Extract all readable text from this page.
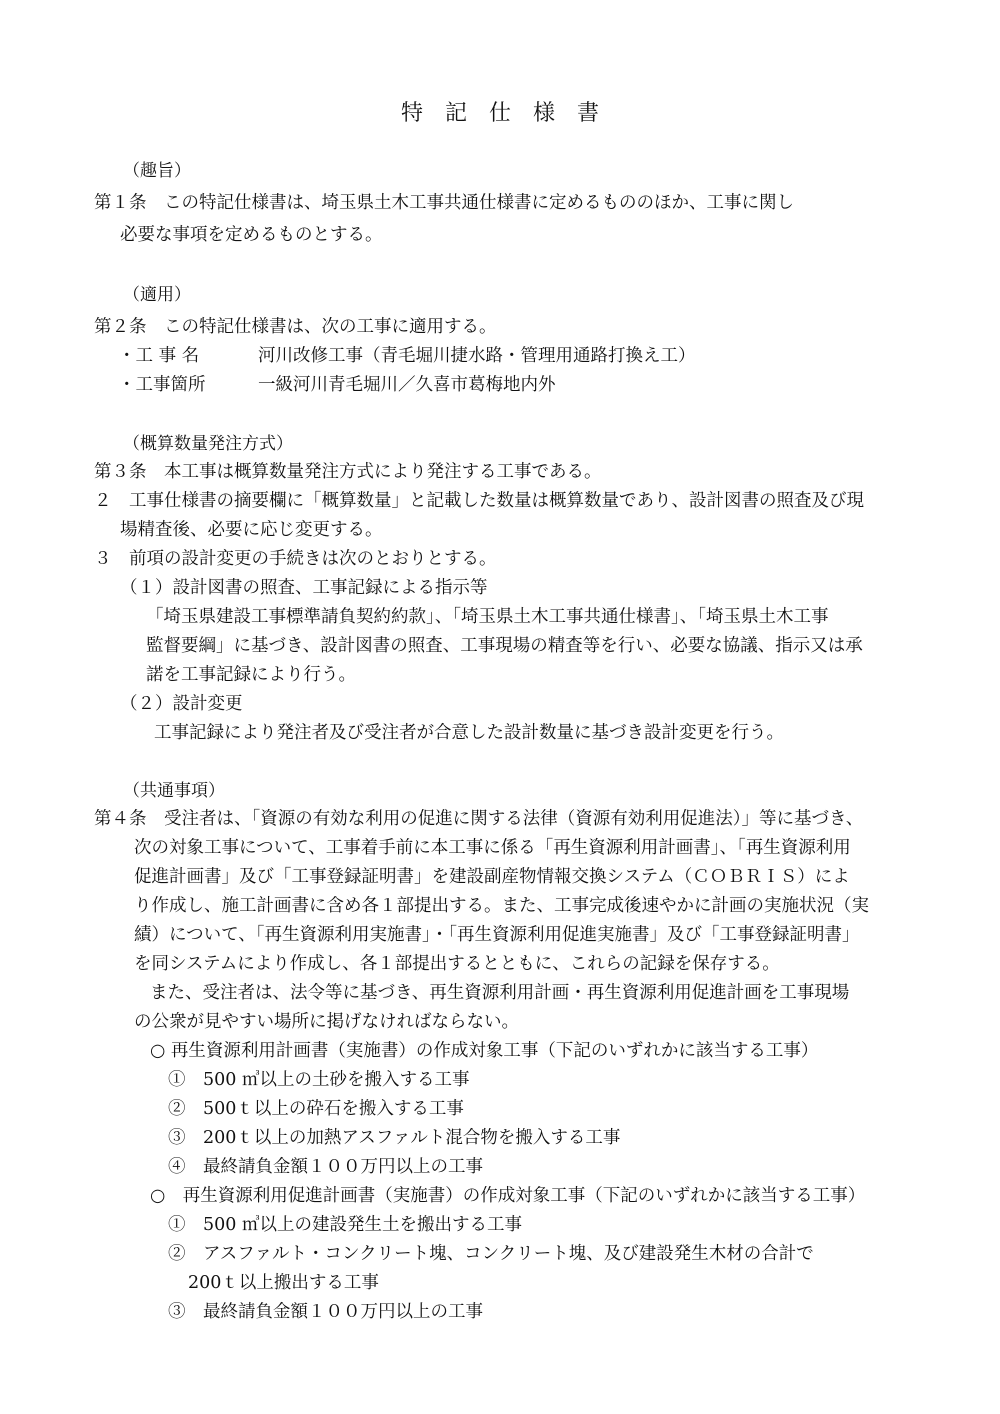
特記仕様書
（趣旨）
第１条　この特記仕様書は、埼玉県土木工事共通仕様書に定めるもののほか、工事に関し
必要な事項を定めるものとする。
（適用）
第２条　この特記仕様書は、次の工事に適用する。
・工 事 名	河川改修工事（青毛堀川捷水路・管理用通路打換え工）
・工事箇所	一級河川青毛堀川／久喜市葛梅地内外
（概算数量発注方式）
第３条　本工事は概算数量発注方式により発注する工事である。
２　工事仕様書の摘要欄に「概算数量」と記載した数量は概算数量であり、設計図書の照査及び現
場精査後、必要に応じ変更する。
３　前項の設計変更の手続きは次のとおりとする。
（１）設計図書の照査、工事記録による指示等
「埼玉県建設工事標準請負契約約款」、「埼玉県土木工事共通仕様書」、「埼玉県土木工事
監督要綱」に基づき、設計図書の照査、工事現場の精査等を行い、必要な協議、指示又は承
諾を工事記録により行う。
（２）設計変更
工事記録により発注者及び受注者が合意した設計数量に基づき設計変更を行う。
（共通事項）
第４条　受注者は、「資源の有効な利用の促進に関する法律（資源有効利用促進法）」等に基づき、
次の対象工事について、工事着手前に本工事に係る「再生資源利用計画書」、「再生資源利用
促進計画書」及び「工事登録証明書」を建設副産物情報交換システム（ＣＯＢＲＩＳ）によ
り作成し、施工計画書に含め各１部提出する。また、工事完成後速やかに計画の実施状況（実
績）について、「再生資源利用実施書」・「再生資源利用促進実施書」及び「工事登録証明書」
を同システムにより作成し、各１部提出するとともに、これらの記録を保存する。
また、受注者は、法令等に基づき、再生資源利用計画・再生資源利用促進計画を工事現場
の公衆が見やすい場所に掲げなければならない。
○ 再生資源利用計画書（実施書）の作成対象工事（下記のいずれかに該当する工事）
①　500 ㎥以上の土砂を搬入する工事
②　500ｔ以上の砕石を搬入する工事
③　200ｔ以上の加熱アスファルト混合物を搬入する工事
④　最終請負金額１００万円以上の工事
○　再生資源利用促進計画書（実施書）の作成対象工事（下記のいずれかに該当する工事）
①　500 ㎥以上の建設発生土を搬出する工事
②　アスファルト・コンクリート塊、コンクリート塊、及び建設発生木材の合計で
200ｔ以上搬出する工事
③　最終請負金額１００万円以上の工事
